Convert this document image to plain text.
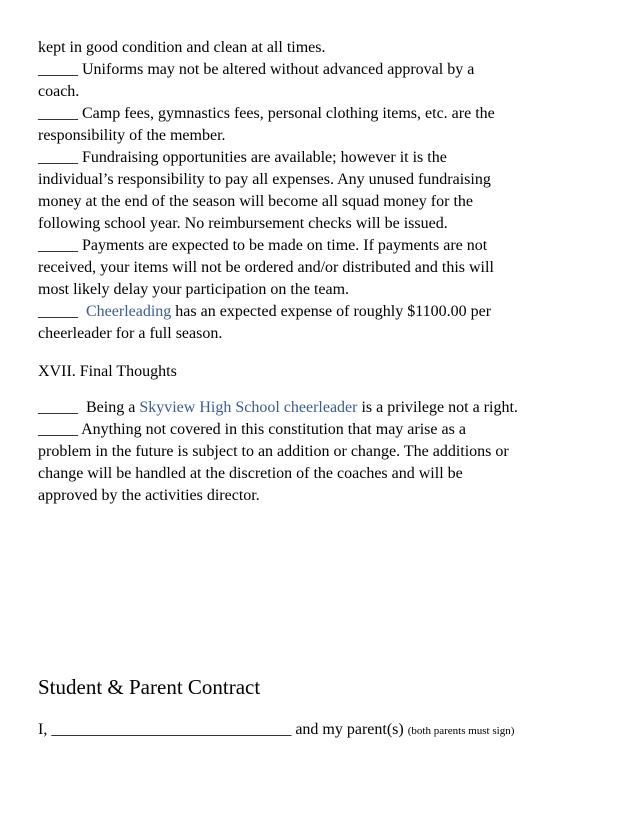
kept in good condition and clean at all times.

_____ Uniforms may not be altered without advanced approval by a
coach.

_____ Camp fees, gymnastics fees, personal clothing items, etc. are the
responsibility of the member.

_____ Fundraising opportunities are available; however it is the
individual’s responsibility to pay all expenses. Any unused fundraising
money at the end of the season will become all squad money for the
following school year. No reimbursement checks will be issued.

_____ Payments are expected to be made on time. If payments are not
received, your items will not be ordered and/or distributed and this will
most likely delay your participation on the team.

_____  Cheerleading has an expected expense of roughly $1100.00 per
cheerleader for a full season.

XVII. Final Thoughts

_____  Being a Skyview High School cheerleader is a privilege not a right.

_____ Anything not covered in this constitution that may arise as a
problem in the future is subject to an addition or change. The additions or
change will be handled at the discretion of the coaches and will be
approved by the activities director.

Student & Parent Contract

I, ______________________________ and my parent(s) (both parents must sign)
